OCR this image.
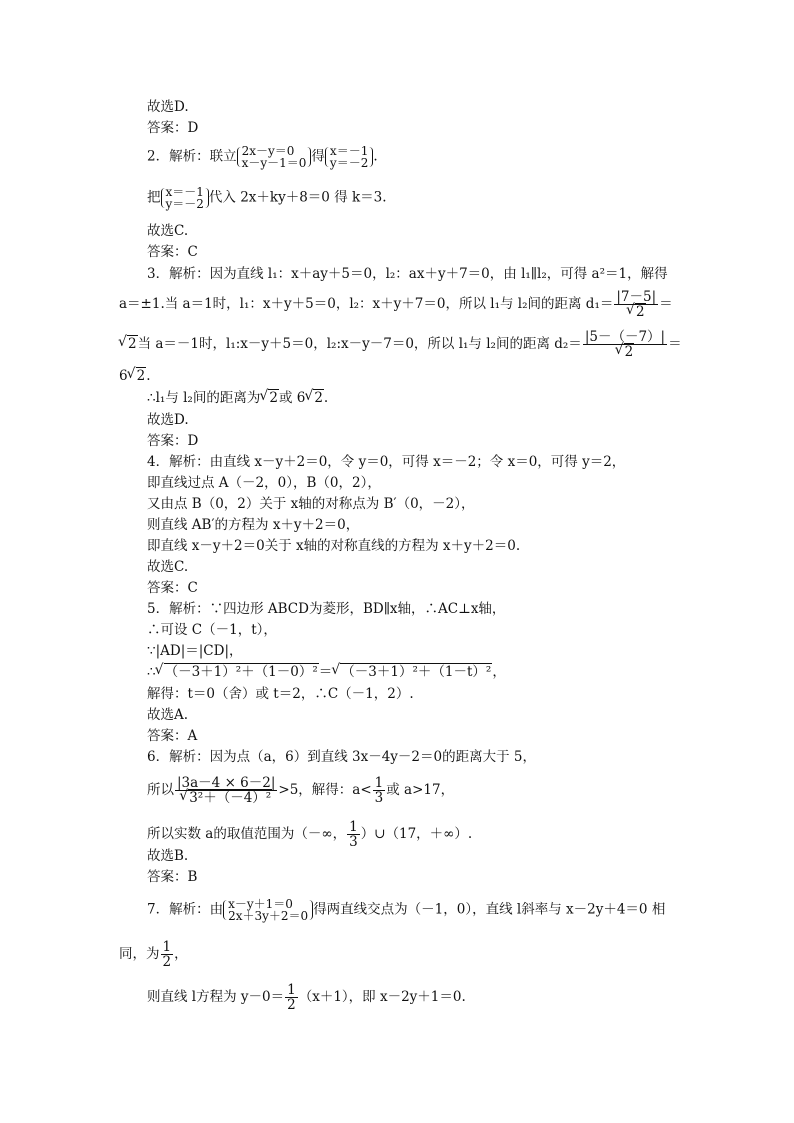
故选D.
答案：D
2．解析：联立 2x－y＝0
x－y－1＝0 得 x＝－1
y＝－2 .
把 x＝－1
y＝－2 代入 2x＋ky＋8＝0 得 k＝3.
故选C.
答案：C
3．解析：因为直线 l₁：x＋ay＋5＝0，l₂：ax＋y＋7＝0，由 l₁∥l₂，可得 a²＝1，解得
a＝±1.当 a＝1时，l₁：x＋y＋5＝0，l₂：x＋y＋7＝0，所以 l₁与 l₂间的距离 d₁＝ |7－5|
√ 2 ＝
√ 2当 a＝－1时，l₁:x－y＋5＝0，l₂:x－y－7＝0，所以 l₁与 l₂间的距离 d₂＝ |5－（－7）|
√ 2 ＝
6 √ 2.
∴l₁与 l₂间的距离为 √ 2或 6 √ 2.
故选D.
答案：D
4．解析：由直线 x－y＋2＝0，令 y＝0，可得 x＝－2；令 x＝0，可得 y＝2，
即直线过点 A（－2，0），B（0，2），
又由点 B（0，2）关于 x轴的对称点为 B′（0，－2），
则直线 AB′的方程为 x＋y＋2＝0，
即直线 x－y＋2＝0关于 x轴的对称直线的方程为 x＋y＋2＝0.
故选C.
答案：C
5．解析：∵四边形 ABCD为菱形，BD∥x轴，∴AC⊥x轴，
∴可设 C（－1，t），
∵|AD|＝|CD|，
∴ √ （－3＋1）²＋（1－0）²＝ √ （－3＋1）²＋（1－t）²，
解得：t＝0（舍）或 t＝2，∴C（－1，2）.
故选A.
答案：A
6．解析：因为点（a，6）到直线 3x－4y－2＝0的距离大于 5，
所以 |3a－4 × 6－2|
√ 3²＋（－4）² >5，解得：$a< \frac{1}{3}$ 或 a>17，
所以实数 a的取值范围为（－∞， $\frac{1}{3}$ ）∪（17，＋∞）.
故选B.
答案：B
7．解析：由 x－y＋1＝0
2x＋3y＋2＝0 得两直线交点为（－1，0），直线 l斜率与 x－2y＋4＝0 相
同，为 $\frac{1}{2}$ ，
则直线 l方程为 $y-0= \frac{1}{2} (x+1)$，即 x－2y＋1＝0.
